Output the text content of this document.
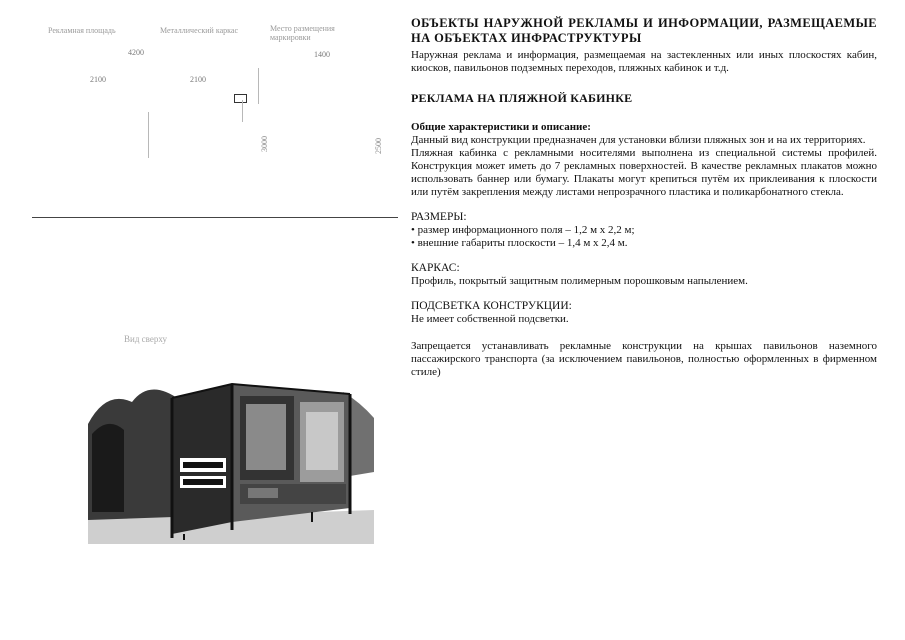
Рекламная площадь	Металлический каркас	Место размещения маркировки
4200	1400
2100	2100
3000	2500
Вид сверху
ОБЪЕКТЫ НАРУЖНОЙ РЕКЛАМЫ И ИНФОРМАЦИИ, РАЗМЕЩАЕМЫЕ НА ОБЪЕКТАХ ИНФРАСТРУКТУРЫ

Наружная реклама и информация, размещаемая на застекленных или иных плоскостях кабин, киосков, павильонов подземных переходов, пляжных кабинок и т.д.

РЕКЛАМА НА ПЛЯЖНОЙ КАБИНКЕ

Общие характеристики и описание:

Данный вид конструкции предназначен для установки вблизи пляжных зон и на их территориях.

Пляжная кабинка с рекламными носителями выполнена из специальной системы профилей. Конструкция может иметь до 7 рекламных поверхностей. В качестве рекламных плакатов можно использовать баннер или бумагу. Плакаты могут крепиться путём их приклеивания к плоскости или путём закрепления между листами непрозрачного пластика и поликарбонатного стекла.

РАЗМЕРЫ:

• размер информационного поля – 1,2 м х 2,2 м;

• внешние габариты плоскости – 1,4 м х 2,4 м.

КАРКАС:

Профиль, покрытый защитным полимерным порошковым напылением.

ПОДСВЕТКА КОНСТРУКЦИИ:

Не имеет собственной подсветки.

Запрещается устанавливать рекламные конструкции на крышах павильонов наземного пассажирского транспорта (за исключением павильонов, полностью оформленных в фирменном стиле)
